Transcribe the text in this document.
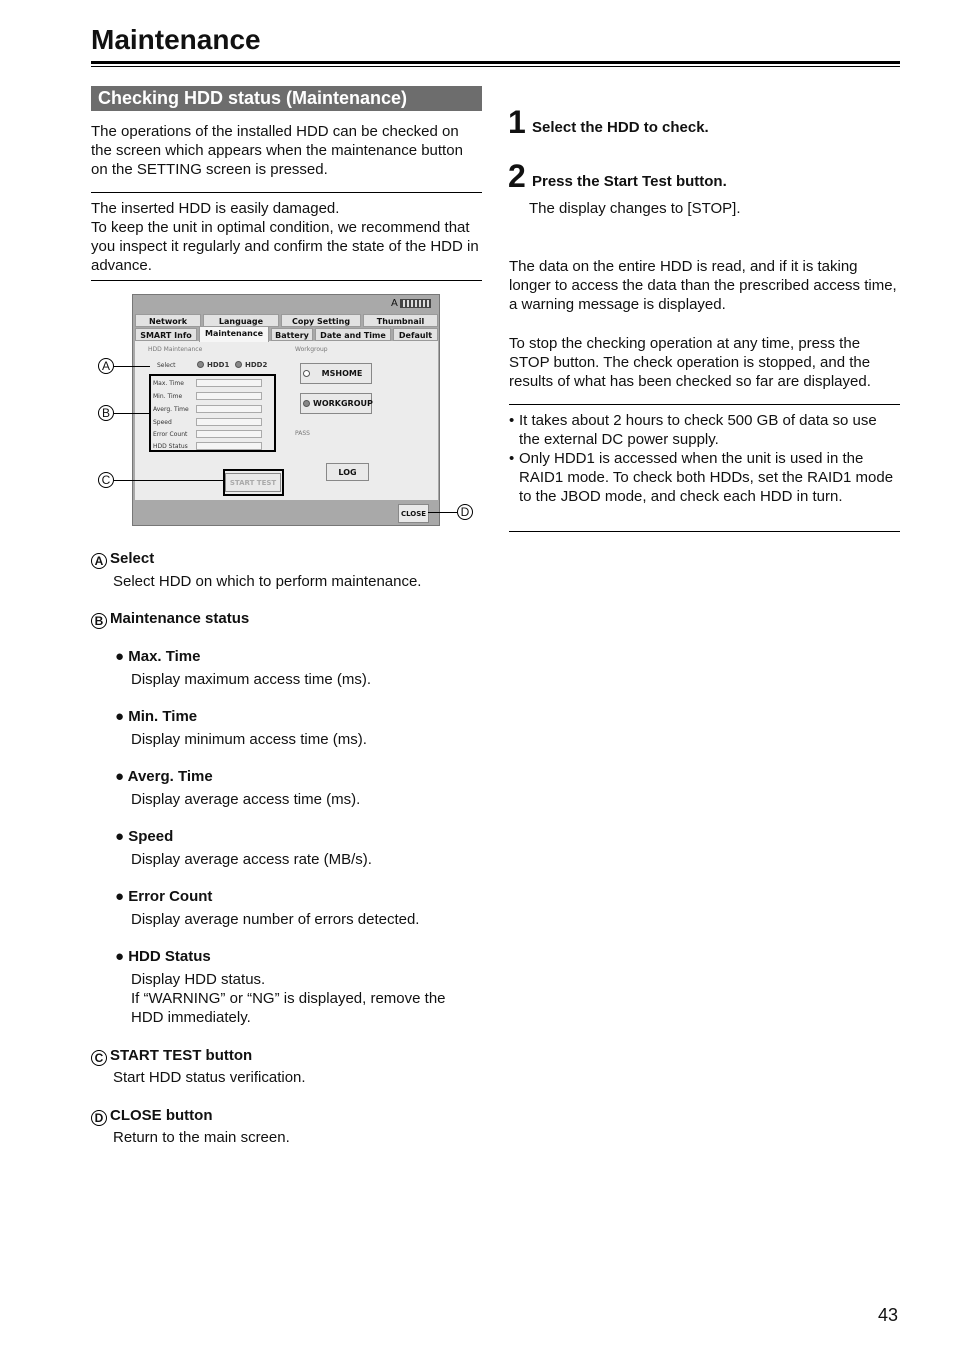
Maintenance
Checking HDD status (Maintenance)
The operations of the installed HDD can be checked on the screen which appears when the maintenance button on the SETTING screen is pressed.
The inserted HDD is easily damaged.
To keep the unit in optimal condition, we recommend that you inspect it regularly and confirm the state of the HDD in advance.
A
Network	Language	Copy Setting	Thumbnail
SMART Info	Maintenance	Battery	Date and Time	Default
HDD Maintenance
Select	HDD1 HDD2
Max. Time
Min. Time
Averg. Time
Speed
Error Count
HDD Status
Workgroup
MSHOME
WORKGROUP
PASS
LOG
START TEST
CLOSE
A
B
C
D
A Select
Select HDD on which to perform maintenance.
B Maintenance status
● Max. Time
Display maximum access time (ms).
● Min. Time
Display minimum access time (ms).
● Averg. Time
Display average access time (ms).
● Speed
Display average access rate (MB/s).
● Error Count
Display average number of errors detected.
● HDD Status
Display HDD status.
If “WARNING” or “NG” is displayed, remove the HDD immediately.
C START TEST button
Start HDD status verification.
D CLOSE button
Return to the main screen.
1 Select the HDD to check.
2 Press the Start Test button.
The display changes to [STOP].
The data on the entire HDD is read, and if it is taking longer to access the data than the prescribed access time, a warning message is displayed.
To stop the checking operation at any time, press the STOP button. The check operation is stopped, and the results of what has been checked so far are displayed.
• It takes about 2 hours to check 500 GB of data so use the external DC power supply.
• Only HDD1 is accessed when the unit is used in the RAID1 mode. To check both HDDs, set the RAID1 mode to the JBOD mode, and check each HDD in turn.
43
